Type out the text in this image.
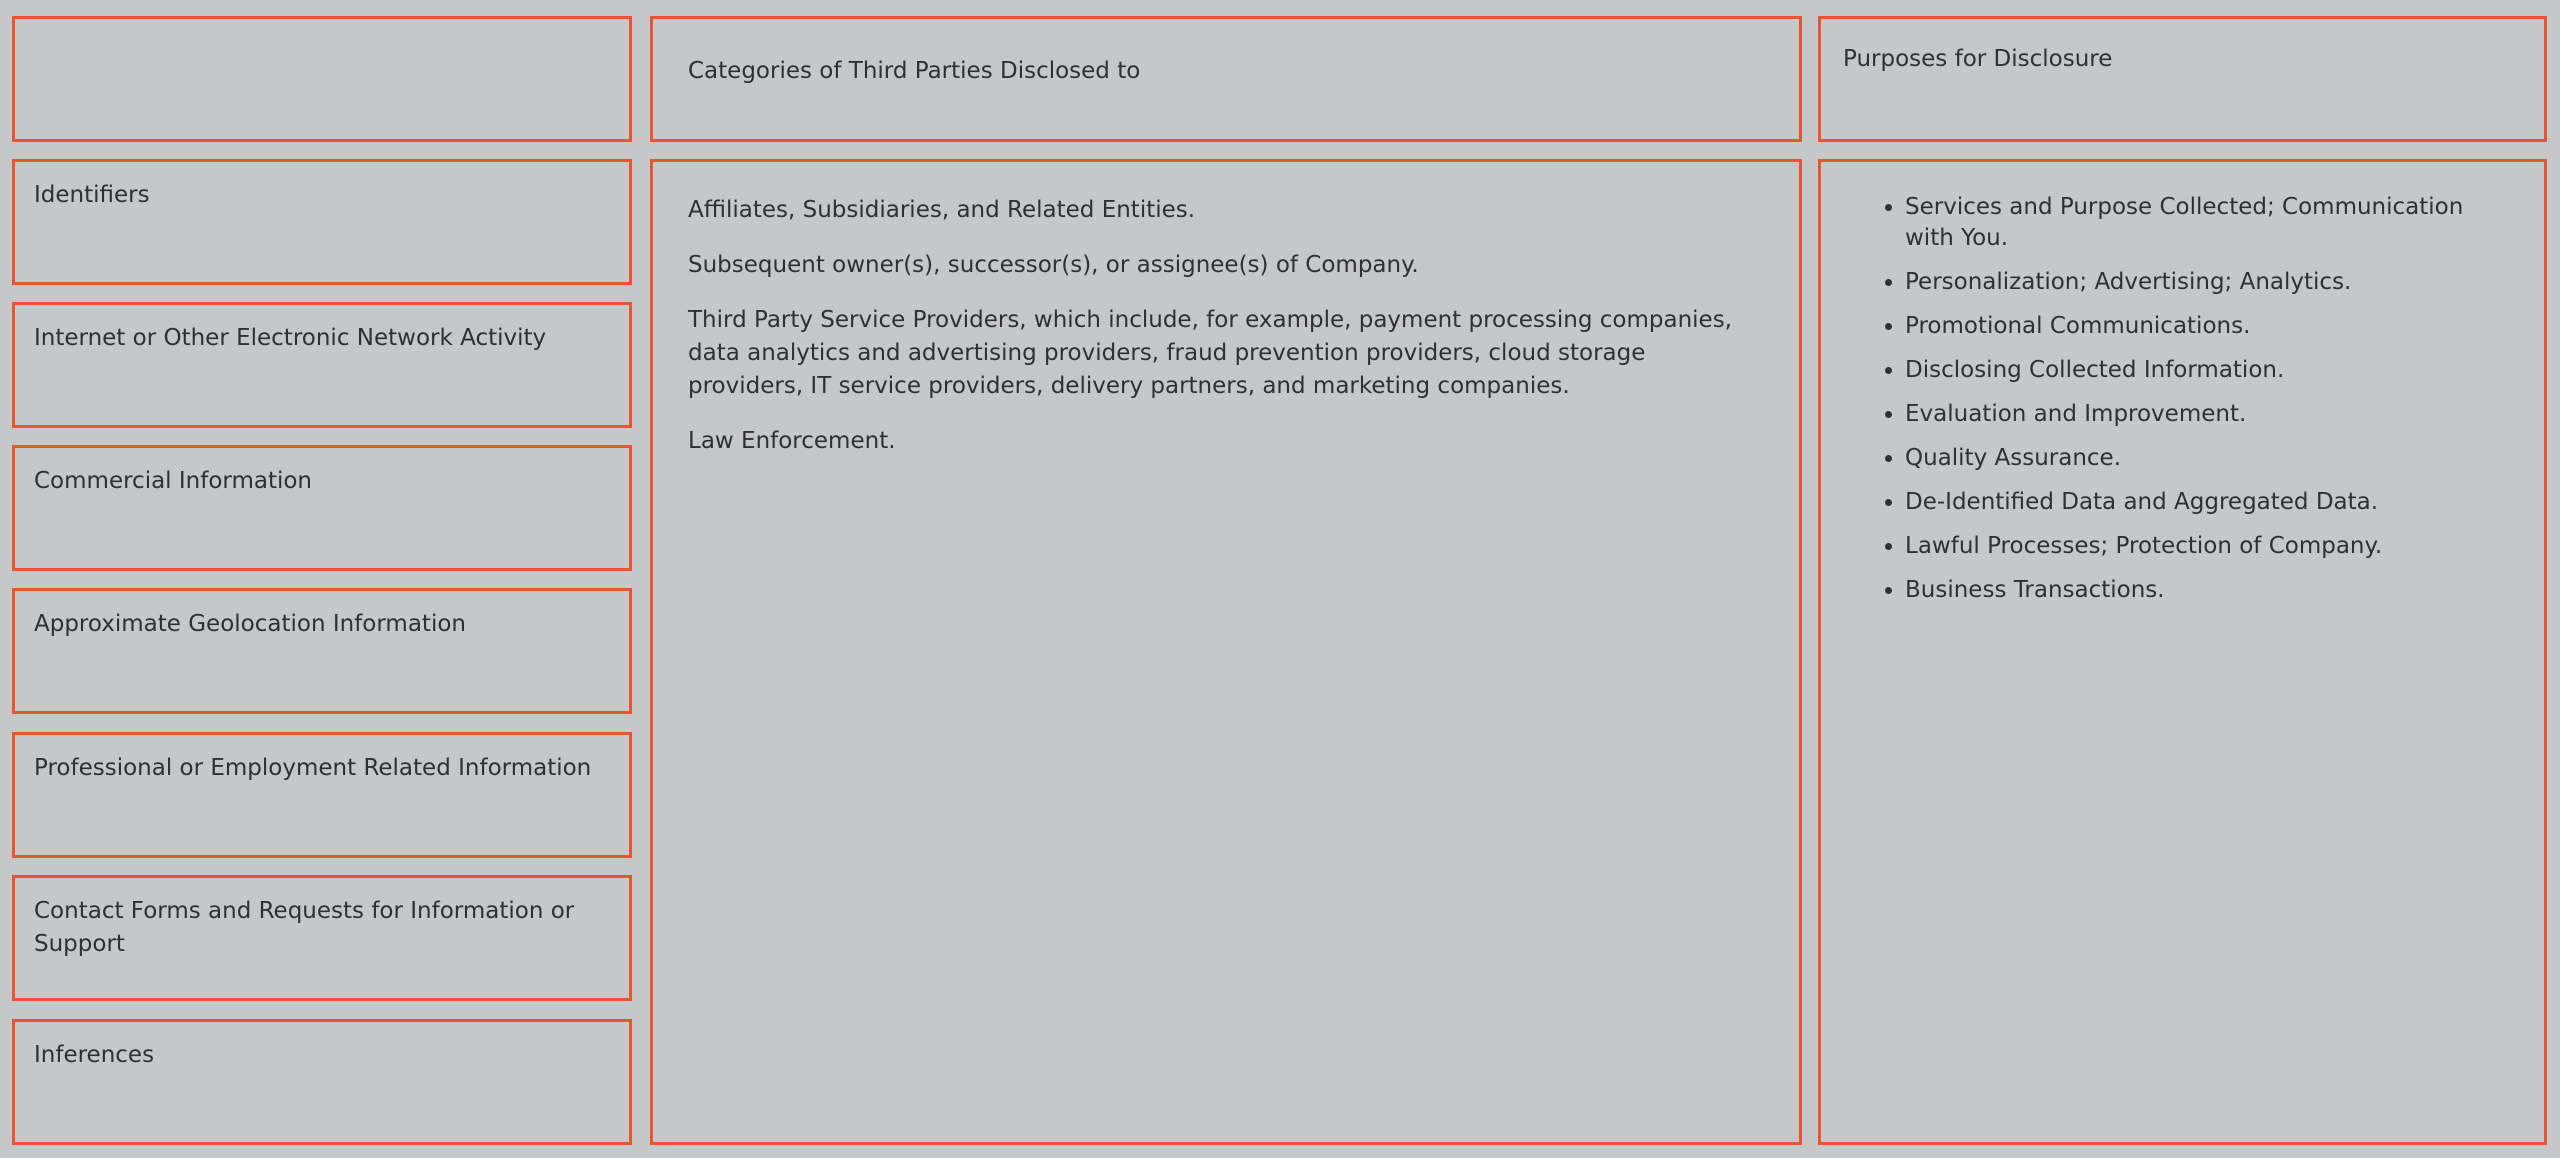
Categories of Third Parties Disclosed to	Purposes for Disclosure
Identifiers
Internet or Other Electronic Network Activity
Commercial Information
Approximate Geolocation Information
Professional or Employment Related Information
Contact Forms and Requests for Information or Support
Inferences

Affiliates, Subsidiaries, and Related Entities.

Subsequent owner(s), successor(s), or assignee(s) of Company.

Third Party Service Providers, which include, for example, payment processing companies, data analytics and advertising providers, fraud prevention providers, cloud storage providers, IT service providers, delivery partners, and marketing companies.

Law Enforcement.

• Services and Purpose Collected; Communication with You.
• Personalization; Advertising; Analytics.
• Promotional Communications.
• Disclosing Collected Information.
• Evaluation and Improvement.
• Quality Assurance.
• De-Identified Data and Aggregated Data.
• Lawful Processes; Protection of Company.
• Business Transactions.
